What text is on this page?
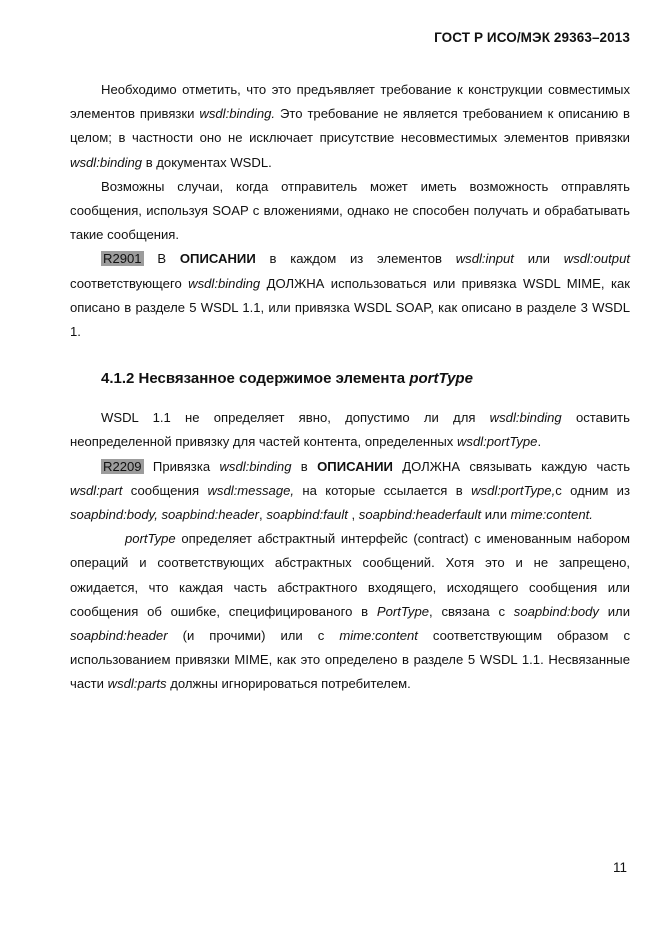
ГОСТ Р ИСО/МЭК 29363–2013

Необходимо отметить, что это предъявляет требование к конструкции совместимых элементов привязки wsdl:binding. Это требование не является требованием к описанию в целом; в частности оно не исключает присутствие несовместимых элементов привязки wsdl:binding в документах WSDL.

Возможны случаи, когда отправитель может иметь возможность отправлять сообщения, используя SOAP с вложениями, однако не способен получать и обрабатывать такие сообщения.

R2901 В ОПИСАНИИ в каждом из элементов wsdl:input или wsdl:output соответствующего wsdl:binding ДОЛЖНА использоваться или привязка WSDL MIME, как описано в разделе 5 WSDL 1.1, или привязка WSDL SOAP, как описано в разделе 3 WSDL 1.

4.1.2 Несвязанное содержимое элемента portType

WSDL 1.1 не определяет явно, допустимо ли для wsdl:binding оставить неопределенной привязку для частей контента, определенных wsdl:portType.

R2209 Привязка wsdl:binding в ОПИСАНИИ ДОЛЖНА связывать каждую часть wsdl:part сообщения wsdl:message, на которые ссылается в wsdl:portType,с одним из soapbind:body, soapbind:header, soapbind:fault , soapbind:headerfault или mime:content.

portType определяет абстрактный интерфейс (contract) с именованным набором операций и соответствующих абстрактных сообщений. Хотя это и не запрещено, ожидается, что каждая часть абстрактного входящего, исходящего сообщения или сообщения об ошибке, специфицированого в PortType, связана с soapbind:body или soapbind:header (и прочими) или с mime:content соответствующим образом с использованием привязки MIME, как это определено в разделе 5 WSDL 1.1. Несвязанные части wsdl:parts должны игнорироваться потребителем.

11
